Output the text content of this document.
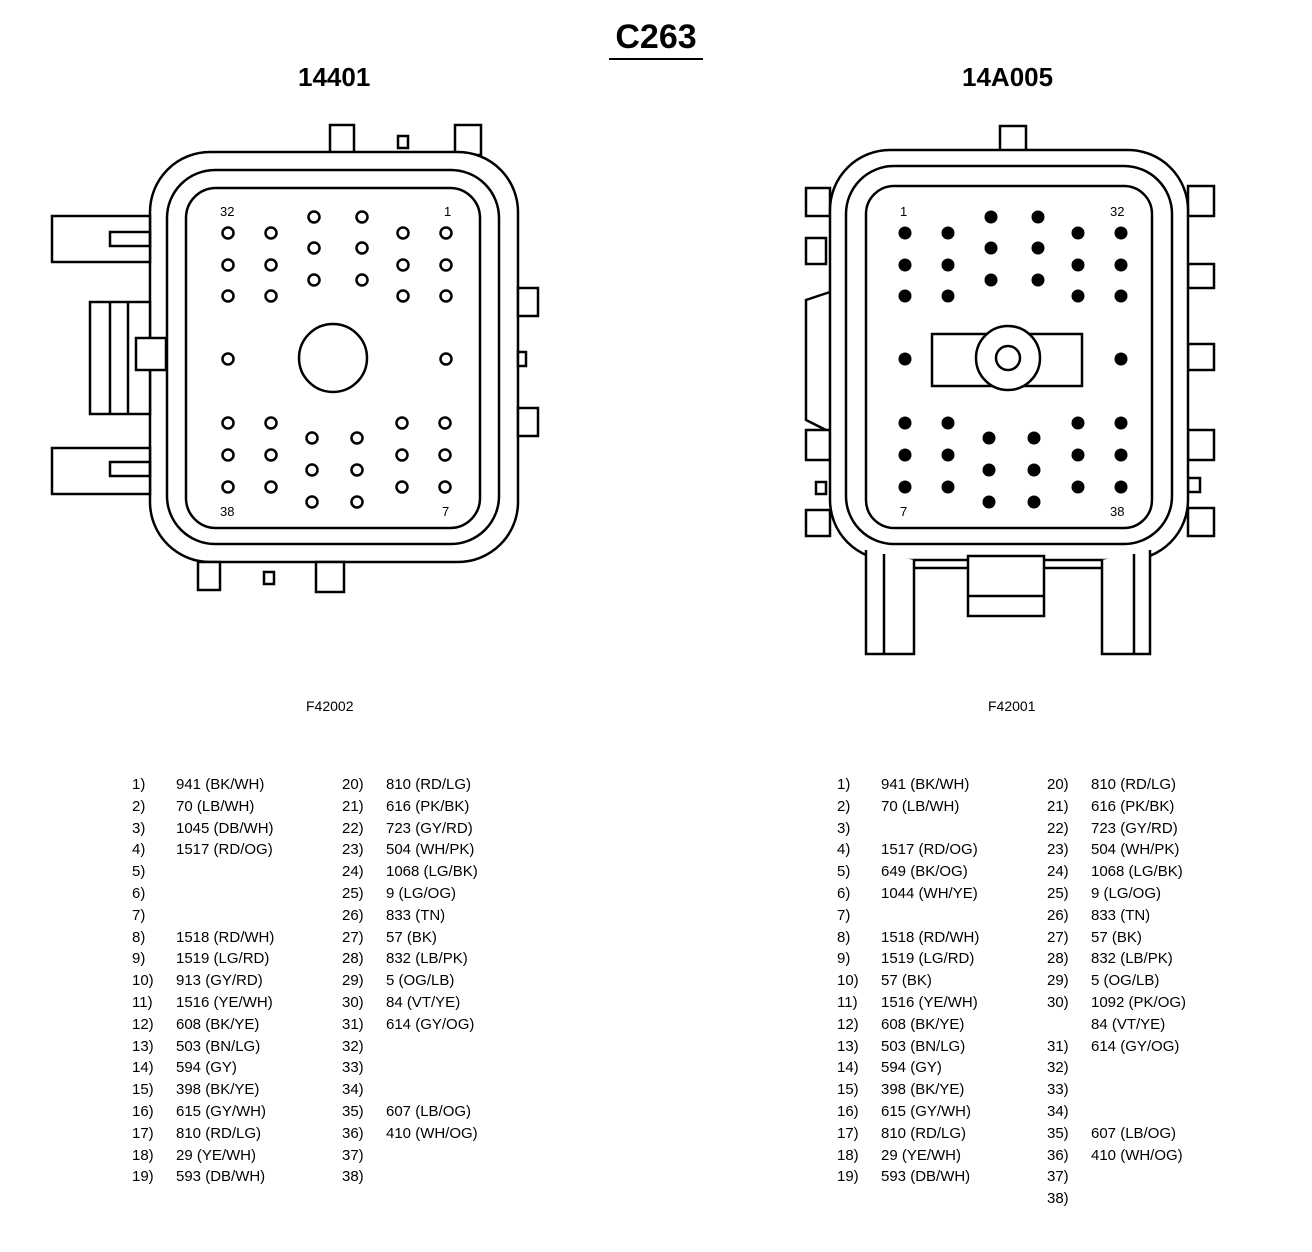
C263
14401	14A005
32	1
38	7
1	32
7	38
F42002	F42001
1)	941 (BK/WH)
2)	70 (LB/WH)
3)	1045 (DB/WH)
4)	1517 (RD/OG)
5)
6)
7)
8)	1518 (RD/WH)
9)	1519 (LG/RD)
10)	913 (GY/RD)
11)	1516 (YE/WH)
12)	608 (BK/YE)
13)	503 (BN/LG)
14)	594 (GY)
15)	398 (BK/YE)
16)	615 (GY/WH)
17)	810 (RD/LG)
18)	29 (YE/WH)
19)	593 (DB/WH)
20)	810 (RD/LG)
21)	616 (PK/BK)
22)	723 (GY/RD)
23)	504 (WH/PK)
24)	1068 (LG/BK)
25)	9 (LG/OG)
26)	833 (TN)
27)	57 (BK)
28)	832 (LB/PK)
29)	5 (OG/LB)
30)	84 (VT/YE)
31)	614 (GY/OG)
32)
33)
34)
35)	607 (LB/OG)
36)	410 (WH/OG)
37)
38)
1)	941 (BK/WH)
2)	70 (LB/WH)
3)
4)	1517 (RD/OG)
5)	649 (BK/OG)
6)	1044 (WH/YE)
7)
8)	1518 (RD/WH)
9)	1519 (LG/RD)
10)	57 (BK)
11)	1516 (YE/WH)
12)	608 (BK/YE)
13)	503 (BN/LG)
14)	594 (GY)
15)	398 (BK/YE)
16)	615 (GY/WH)
17)	810 (RD/LG)
18)	29 (YE/WH)
19)	593 (DB/WH)
20)	810 (RD/LG)
21)	616 (PK/BK)
22)	723 (GY/RD)
23)	504 (WH/PK)
24)	1068 (LG/BK)
25)	9 (LG/OG)
26)	833 (TN)
27)	57 (BK)
28)	832 (LB/PK)
29)	5 (OG/LB)
30)	1092 (PK/OG)
84 (VT/YE)
31)	614 (GY/OG)
32)
33)
34)
35)	607 (LB/OG)
36)	410 (WH/OG)
37)
38)
